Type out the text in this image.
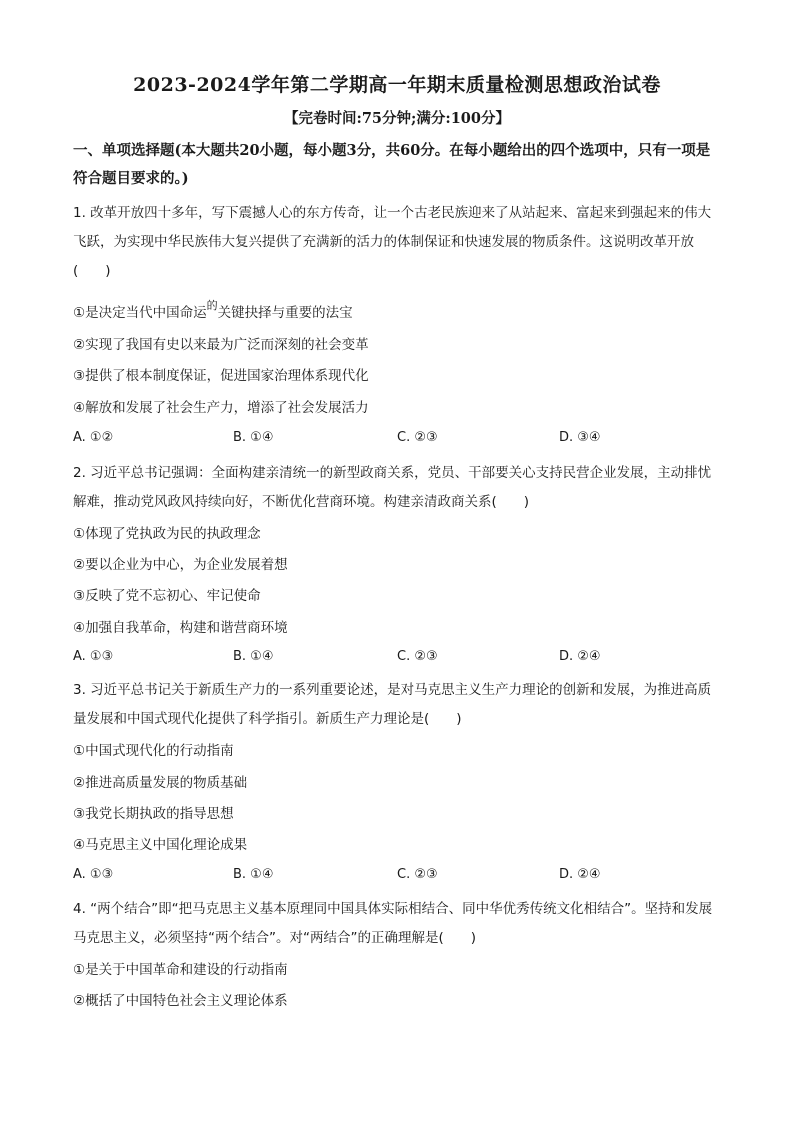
2023-2024学年第二学期高一年期末质量检测思想政治试卷
【完卷时间:75分钟;满分:100分】
一、单项选择题(本大题共20小题，每小题3分，共60分。在每小题给出的四个选项中，只有一项是符合题目要求的。)
1. 改革开放四十多年，写下震撼人心的东方传奇，让一个古老民族迎来了从站起来、富起来到强起来的伟大飞跃，为实现中华民族伟大复兴提供了充满新的活力的体制保证和快速发展的物质条件。这说明改革开放(　　)
①是决定当代中国命运$^的$关键抉择与重要的法宝
②实现了我国有史以来最为广泛而深刻的社会变革
③提供了根本制度保证，促进国家治理体系现代化
④解放和发展了社会生产力，增添了社会发展活力
A. ①②	B. ①④	C. ②③	D. ③④
2. 习近平总书记强调：全面构建亲清统一的新型政商关系，党员、干部要关心支持民营企业发展，主动排忧解难，推动党风政风持续向好，不断优化营商环境。构建亲清政商关系(　　)
①体现了党执政为民的执政理念
②要以企业为中心，为企业发展着想
③反映了党不忘初心、牢记使命
④加强自我革命，构建和谐营商环境
A. ①③	B. ①④	C. ②③	D. ②④
3. 习近平总书记关于新质生产力的一系列重要论述，是对马克思主义生产力理论的创新和发展，为推进高质量发展和中国式现代化提供了科学指引。新质生产力理论是(　　)
①中国式现代化的行动指南
②推进高质量发展的物质基础
③我党长期执政的指导思想
④马克思主义中国化理论成果
A. ①③	B. ①④	C. ②③	D. ②④
4. “两个结合”即“把马克思主义基本原理同中国具体实际相结合、同中华优秀传统文化相结合”。坚持和发展马克思主义，必须坚持“两个结合”。对“两结合”的正确理解是(　　)
①是关于中国革命和建设的行动指南
②概括了中国特色社会主义理论体系
